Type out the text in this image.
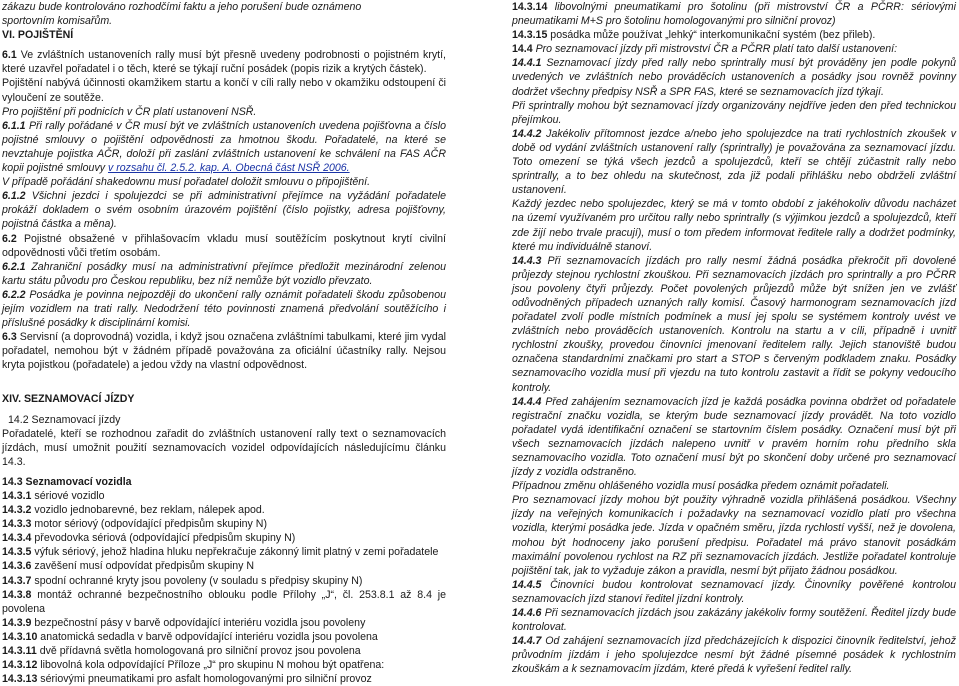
zákazu bude kontrolováno rozhodčími faktu a jeho porušení bude oznámeno
sportovním komisařům.

VI. POJIŠTĚNÍ

6.1 Ve zvláštních ustanoveních rally musí být přesně uvedeny podrobnosti o pojistném krytí, které uzavřel pořadatel i o těch, které se týkají ruční posádek (popis rizik a krytých částek).

Pojištění nabývá účinnosti okamžikem startu a končí v cíli rally nebo v okamžiku odstoupení či vyloučení ze soutěže.

Pro pojištění při podnicích v ČR platí ustanovení NSŘ.

6.1.1 Při rally pořádané v ČR musí být ve zvláštních ustanoveních uvedena pojišťovna a číslo pojistné smlouvy o pojištění odpovědnosti za hmotnou škodu. Pořadatelé, na které se nevztahuje pojistka AČR, doloží při zaslání zvláštních ustanovení ke schválení na FAS AČR kopii pojistné smlouvy v rozsahu čl. 2.5.2. kap. A. Obecná část NSŘ 2006.

V případě pořádání shakedownu musí pořadatel doložit smlouvu o připojištění.

6.1.2 Všichni jezdci i spolujezdci se při administrativní přejímce na vyžádání pořadatele prokáží dokladem o svém osobním úrazovém pojištění (číslo pojistky, adresa pojišťovny, pojistná částka a měna).

6.2 Pojistné obsažené v přihlašovacím vkladu musí soutěžícím poskytnout krytí civilní odpovědnosti vůči třetím osobám.

6.2.1 Zahraniční posádky musí na administrativní přejímce předložit mezinárodní zelenou kartu státu původu pro Českou republiku, bez níž nemůže být vozidlo převzato.

6.2.2 Posádka je povinna nejpozději do ukončení rally oznámit pořadateli škodu způsobenou jejím vozidlem na trati rally. Nedodržení této povinnosti znamená předvolání soutěžícího i příslušné posádky k disciplinární komisi.

6.3 Servisní (a doprovodná) vozidla, i když jsou označena zvláštními tabulkami, které jim vydal pořadatel, nemohou být v žádném případě považována za oficiální účastníky rally. Nejsou kryta pojistkou (pořadatele) a jedou vždy na vlastní odpovědnost.

XIV. SEZNAMOVACÍ JÍZDY

14.2 Seznamovací jízdy

Pořadatelé, kteří se rozhodnou zařadit do zvláštních ustanovení rally text o seznamovacích jízdách, musí umožnit použití seznamovacích vozidel odpovídajících následujícímu článku 14.3.

14.3 Seznamovací vozidla

14.3.1 sériové vozidlo

14.3.2 vozidlo jednobarevné, bez reklam, nálepek apod.

14.3.3 motor sériový (odpovídající předpisům skupiny N)

14.3.4 převodovka sériová (odpovídající předpisům skupiny N)

14.3.5 výfuk sériový, jehož hladina hluku nepřekračuje zákonný limit platný v zemi pořadatele

14.3.6 zavěšení musí odpovídat předpisům skupiny N

14.3.7 spodní ochranné kryty jsou povoleny (v souladu s předpisy skupiny N)

14.3.8 montáž ochranné bezpečnostního oblouku podle Přílohy „J“, čl. 253.8.1 až 8.4 je povolena

14.3.9 bezpečnostní pásy v barvě odpovídající interiéru vozidla jsou povoleny

14.3.10 anatomická sedadla v barvě odpovídající interiéru vozidla jsou povolena

14.3.11 dvě přídavná světla homologovaná pro silniční provoz jsou povolena

14.3.12 libovolná kola odpovídající Příloze „J“ pro skupinu N mohou být opatřena:

14.3.13 sériovými pneumatikami pro asfalt homologovanými pro silniční provoz

14.3.14 libovolnými pneumatikami pro šotolinu (při mistrovství ČR a PČRR: sériovými pneumatikami M+S pro šotolinu homologovanými pro silniční provoz)

14.3.15 posádka může používat „lehký“ interkomunikační systém (bez přileb).

14.4 Pro seznamovací jízdy při mistrovství ČR a PČRR platí tato další ustanovení:

14.4.1 Seznamovací jízdy před rally nebo sprintrally musí být prováděny jen podle pokynů uvedených ve zvláštních nebo prováděcích ustanoveních a posádky jsou rovněž povinny dodržet všechny předpisy NSŘ a SPR FAS, které se seznamovacích jízd týkají.

Při sprintrally mohou být seznamovací jízdy organizovány nejdříve jeden den před technickou přejímkou.

14.4.2 Jakékoliv přítomnost jezdce a/nebo jeho spolujezdce na trati rychlostních zkoušek v době od vydání zvláštních ustanovení rally (sprintrally) je považována za seznamovací jízdu. Toto omezení se týká všech jezdců a spolujezdců, kteří se chtějí zúčastnit rally nebo sprintrally, a to bez ohledu na skutečnost, zda již podali přihlášku nebo obdrželi zvláštní ustanovení.

Každý jezdec nebo spolujezdec, který se má v tomto období z jakéhokoliv důvodu nacházet na území využívaném pro určitou rally nebo sprintrally (s výjimkou jezdců a spolujezdců, kteří zde žijí nebo trvale pracují), musí o tom předem informovat ředitele rally a dodržet podmínky, které mu individuálně stanoví.

14.4.3 Při seznamovacích jízdách pro rally nesmí žádná posádka překročit při dovolené průjezdy stejnou rychlostní zkouškou. Při seznamovacích jízdách pro sprintrally a pro PČRR jsou povoleny čtyři průjezdy. Počet povolených průjezdů může být snížen jen ve zvlášť odůvodněných případech uznaných rally komisí. Časový harmonogram seznamovacích jízd pořadatel zvolí podle místních podmínek a musí jej spolu se systémem kontroly uvést ve zvláštních nebo prováděcích ustanoveních. Kontrolu na startu a v cíli, případně i uvnitř rychlostní zkoušky, provedou činovníci jmenovaní ředitelem rally. Jejich stanoviště budou označena standardními značkami pro start a STOP s červeným podkladem znaku. Posádky seznamovacího vozidla musí při vjezdu na tuto kontrolu zastavit a řídit se pokyny vedoucího kontroly.

14.4.4 Před zahájením seznamovacích jízd je každá posádka povinna obdržet od pořadatele registrační značku vozidla, se kterým bude seznamovací jízdy provádět. Na toto vozidlo pořadatel vydá identifikační označení se startovním číslem posádky. Označení musí být při všech seznamovacích jízdách nalepeno uvnitř v pravém horním rohu předního skla seznamovacího vozidla. Toto označení musí být po skončení doby určené pro seznamovací jízdy z vozidla odstraněno.

Případnou změnu ohlášeného vozidla musí posádka předem oznámit pořadateli.

Pro seznamovací jízdy mohou být použity výhradně vozidla přihlášená posádkou. Všechny jízdy na veřejných komunikacích i požadavky na seznamovací vozidlo platí pro všechna vozidla, kterými posádka jede. Jízda v opačném směru, jízda rychlostí vyšší, než je dovolena, mohou být hodnoceny jako porušení předpisu. Pořadatel má právo stanovit posádkám maximální povolenou rychlost na RZ při seznamovacích jízdách. Jestliže pořadatel kontroluje pojištění tak, jak to vyžaduje zákon a pravidla, nesmí být přijato žádnou posádkou.

14.4.5 Činovníci budou kontrolovat seznamovací jízdy. Činovníky pověřené kontrolou seznamovacích jízd stanoví ředitel jízdní kontroly.

14.4.6 Při seznamovacích jízdách jsou zakázány jakékoliv formy soutěžení. Ředitel jízdy bude kontrolovat.

14.4.7 Od zahájení seznamovacích jízd předcházejících k dispozici činovník ředitelství, jehož průvodním jízdám i jeho spolujezdce nesmí být žádné písemné posádek k rychlostním zkouškám a k seznamovacím jízdám, které předá k vyřešení ředitel rally.
